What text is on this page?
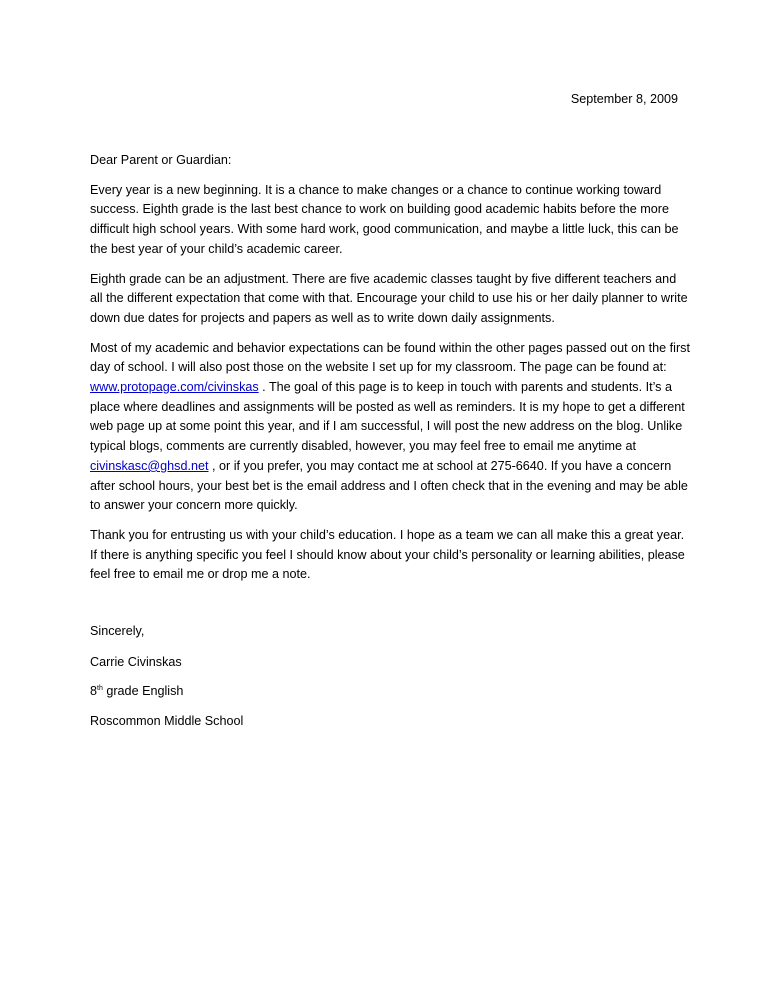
September 8, 2009

Dear Parent or Guardian:

Every year is a new beginning. It is a chance to make changes or a chance to continue working toward success. Eighth grade is the last best chance to work on building good academic habits before the more difficult high school years. With some hard work, good communication, and maybe a little luck, this can be the best year of your child’s academic career.

Eighth grade can be an adjustment. There are five academic classes taught by five different teachers and all the different expectation that come with that. Encourage your child to use his or her daily planner to write down due dates for projects and papers as well as to write down daily assignments.

Most of my academic and behavior expectations can be found within the other pages passed out on the first day of school. I will also post those on the website I set up for my classroom. The page can be found at: www.protopage.com/civinskas . The goal of this page is to keep in touch with parents and students. It’s a place where deadlines and assignments will be posted as well as reminders. It is my hope to get a different web page up at some point this year, and if I am successful, I will post the new address on the blog. Unlike typical blogs, comments are currently disabled, however, you may feel free to email me anytime at civinskasc@ghsd.net , or if you prefer, you may contact me at school at 275-6640. If you have a concern after school hours, your best bet is the email address and I often check that in the evening and may be able to answer your concern more quickly.

Thank you for entrusting us with your child’s education. I hope as a team we can all make this a great year. If there is anything specific you feel I should know about your child’s personality or learning abilities, please feel free to email me or drop me a note.

Sincerely,

Carrie Civinskas

8th grade English

Roscommon Middle School
